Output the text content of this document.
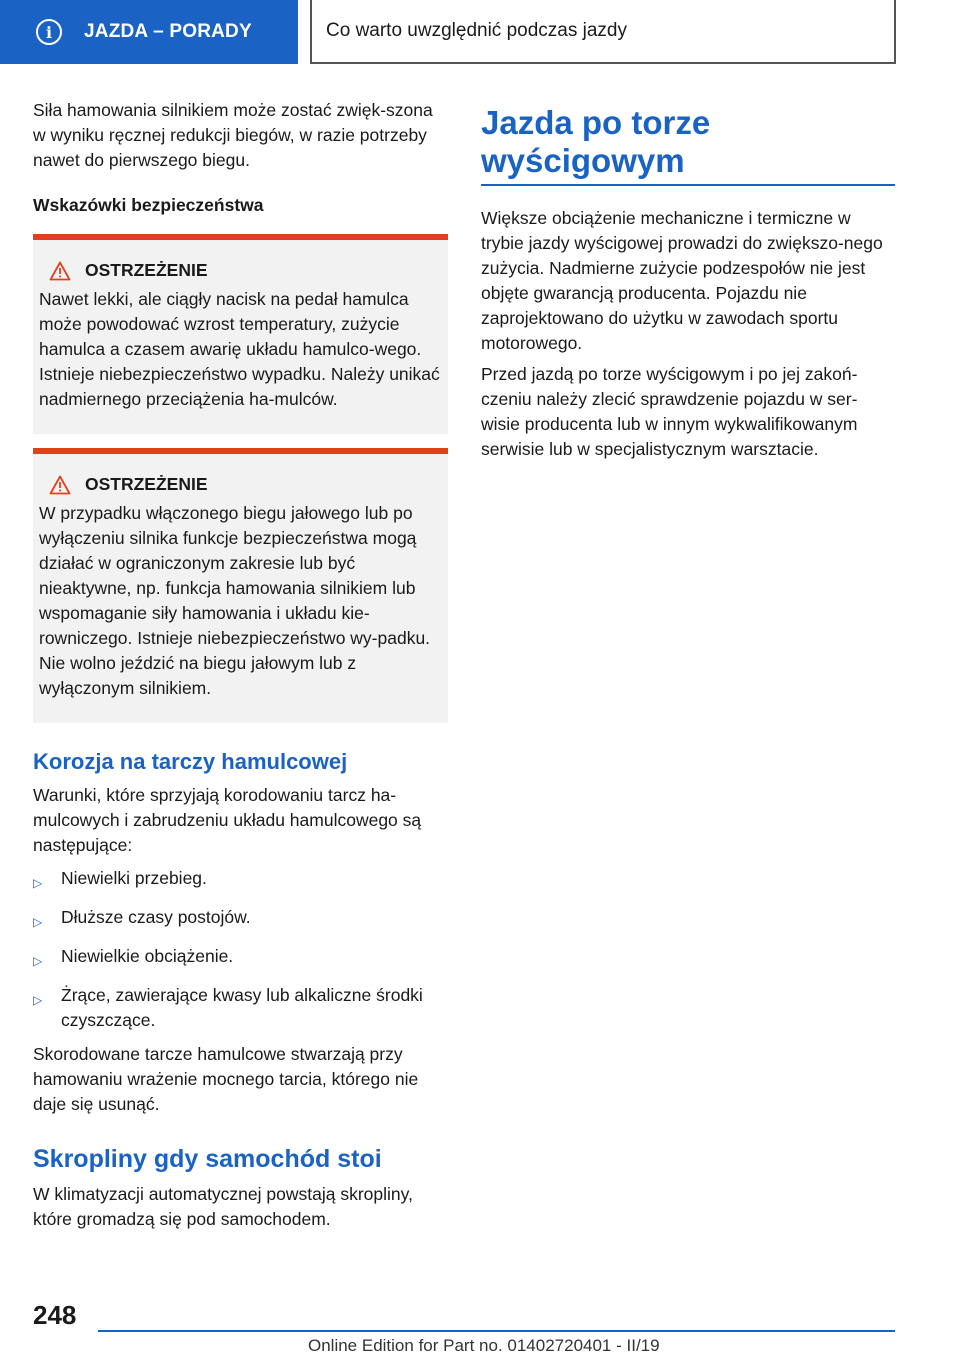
i	JAZDA – PORADY	Co warto uwzględnić podczas jazdy

Siła hamowania silnikiem może zostać zwięk-szona w wyniku ręcznej redukcji biegów, w razie potrzeby nawet do pierwszego biegu.

Wskazówki bezpieczeństwa
OSTRZEŻENIE

Nawet lekki, ale ciągły nacisk na pedał hamulca może powodować wzrost temperatury, zużycie hamulca a czasem awarię układu hamulco-wego. Istnieje niebezpieczeństwo wypadku. Należy unikać nadmiernego przeciążenia ha-mulców.

OSTRZEŻENIE

W przypadku włączonego biegu jałowego lub po wyłączeniu silnika funkcje bezpieczeństwa mogą działać w ograniczonym zakresie lub być nieaktywne, np. funkcja hamowania silnikiem lub wspomaganie siły hamowania i układu kie-rowniczego. Istnieje niebezpieczeństwo wy-padku. Nie wolno jeździć na biegu jałowym lub z wyłączonym silnikiem.

Korozja na tarczy hamulcowej

Warunki, które sprzyjają korodowaniu tarcz ha-mulcowych i zabrudzeniu układu hamulcowego są następujące:

▷	Niewielki przebieg.
▷	Dłuższe czasy postojów.
▷	Niewielkie obciążenie.
▷	Żrące, zawierające kwasy lub alkaliczne środki czyszczące.

Skorodowane tarcze hamulcowe stwarzają przy hamowaniu wrażenie mocnego tarcia, którego nie daje się usunąć.

Skropliny gdy samochód stoi

W klimatyzacji automatycznej powstają skropliny, które gromadzą się pod samochodem.

Jazda po torze wyścigowym

Większe obciążenie mechaniczne i termiczne w trybie jazdy wyścigowej prowadzi do zwiększo-nego zużycia. Nadmierne zużycie podzespołów nie jest objęte gwarancją producenta. Pojazdu nie zaprojektowano do użytku w zawodach sportu motorowego.

Przed jazdą po torze wyścigowym i po jej zakoń-czeniu należy zlecić sprawdzenie pojazdu w ser-wisie producenta lub w innym wykwalifikowanym serwisie lub w specjalistycznym warsztacie.

248
Online Edition for Part no. 01402720401 - II/19
